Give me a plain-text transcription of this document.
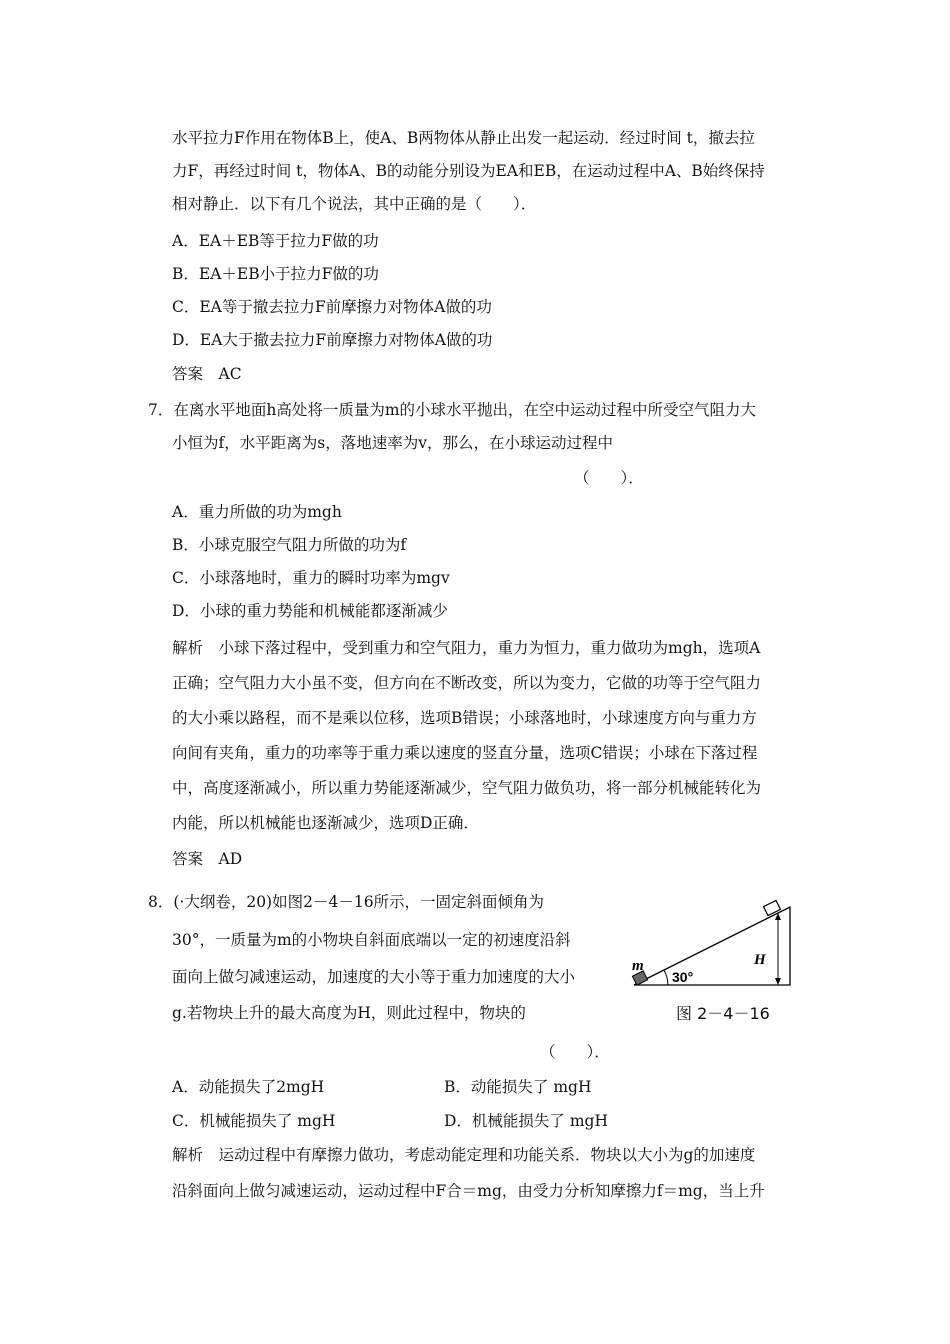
水平拉力F作用在物体B上，使A、B两物体从静止出发一起运动．经过时间 t，撤去拉
力F，再经过时间 t，物体A、B的动能分别设为EA和EB，在运动过程中A、B始终保持
相对静止．以下有几个说法，其中正确的是（　　）．
A．EA＋EB等于拉力F做的功
B．EA＋EB小于拉力F做的功
C．EA等于撤去拉力F前摩擦力对物体A做的功
D．EA大于撤去拉力F前摩擦力对物体A做的功
答案　AC
7．在离水平地面h高处将一质量为m的小球水平抛出，在空中运动过程中所受空气阻力大
小恒为f，水平距离为s，落地速率为v，那么，在小球运动过程中
（　　）．
A．重力所做的功为mgh
B．小球克服空气阻力所做的功为f
C．小球落地时，重力的瞬时功率为mgv
D．小球的重力势能和机械能都逐渐减少
解析　小球下落过程中，受到重力和空气阻力，重力为恒力，重力做功为mgh，选项A
正确；空气阻力大小虽不变，但方向在不断改变，所以为变力，它做的功等于空气阻力
的大小乘以路程，而不是乘以位移，选项B错误；小球落地时，小球速度方向与重力方
向间有夹角，重力的功率等于重力乘以速度的竖直分量，选项C错误；小球在下落过程
中，高度逐渐减小，所以重力势能逐渐减少，空气阻力做负功，将一部分机械能转化为
内能，所以机械能也逐渐减少，选项D正确．
答案　AD
8．(·大纲卷，20)如图2－4－16所示，一固定斜面倾角为
30°，一质量为m的小物块自斜面底端以一定的初速度沿斜
面向上做匀减速运动，加速度的大小等于重力加速度的大小
g.若物块上升的最大高度为H，则此过程中，物块的
（　　）．
A．动能损失了2mgH	B．动能损失了 mgH
C．机械能损失了 mgH	D．机械能损失了 mgH
解析　运动过程中有摩擦力做功，考虑动能定理和功能关系．物块以大小为g的加速度
沿斜面向上做匀减速运动，运动过程中F合＝mg，由受力分析知摩擦力f＝mg，当上升
m
30°
H
图 2－4－16
